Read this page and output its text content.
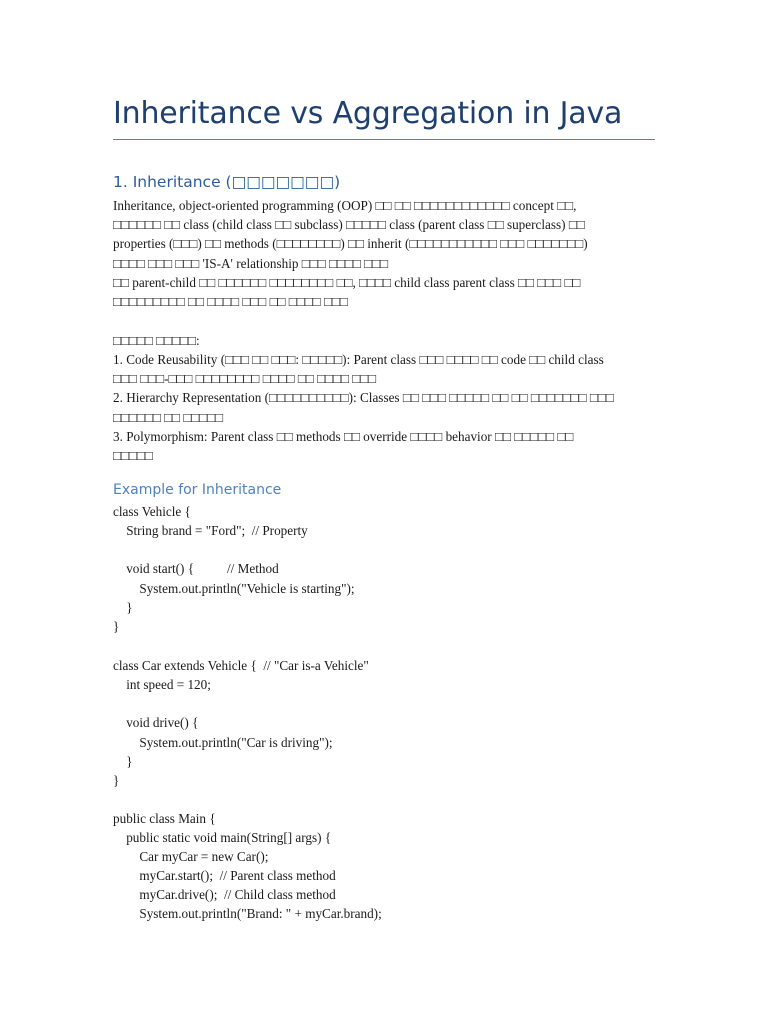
Inheritance vs Aggregation in Java
1. Inheritance (□□□□□□□)
Inheritance, object-oriented programming (OOP) □□ □□ □□□□□□□□□□□□ concept □□,
□□□□□□ □□ class (child class □□ subclass) □□□□□ class (parent class □□ superclass) □□
properties (□□□) □□ methods (□□□□□□□□) □□ inherit (□□□□□□□□□□□ □□□ □□□□□□□)
□□□□ □□□ □□□ 'IS-A' relationship □□□ □□□□ □□□
□□ parent-child □□ □□□□□□ □□□□□□□□ □□, □□□□ child class parent class □□ □□□ □□
□□□□□□□□□ □□ □□□□ □□□ □□ □□□□ □□□
□□□□□ □□□□□:
1. Code Reusability (□□□ □□ □□□: □□□□□): Parent class □□□ □□□□ □□ code □□ child class
□□□ □□□-□□□ □□□□□□□□ □□□□ □□ □□□□ □□□
2. Hierarchy Representation (□□□□□□□□□□): Classes □□ □□□ □□□□□ □□ □□ □□□□□□□ □□□
□□□□□□ □□ □□□□□
3. Polymorphism: Parent class □□ methods □□ override □□□□ behavior □□ □□□□□ □□
□□□□□
Example for Inheritance
class Vehicle {
String brand = "Ford";  // Property
void start() {          // Method
System.out.println("Vehicle is starting");
}
}
class Car extends Vehicle {  // "Car is-a Vehicle"
int speed = 120;
void drive() {
System.out.println("Car is driving");
}
}
public class Main {
public static void main(String[] args) {
Car myCar = new Car();
myCar.start();  // Parent class method
myCar.drive();  // Child class method
System.out.println("Brand: " + myCar.brand);
